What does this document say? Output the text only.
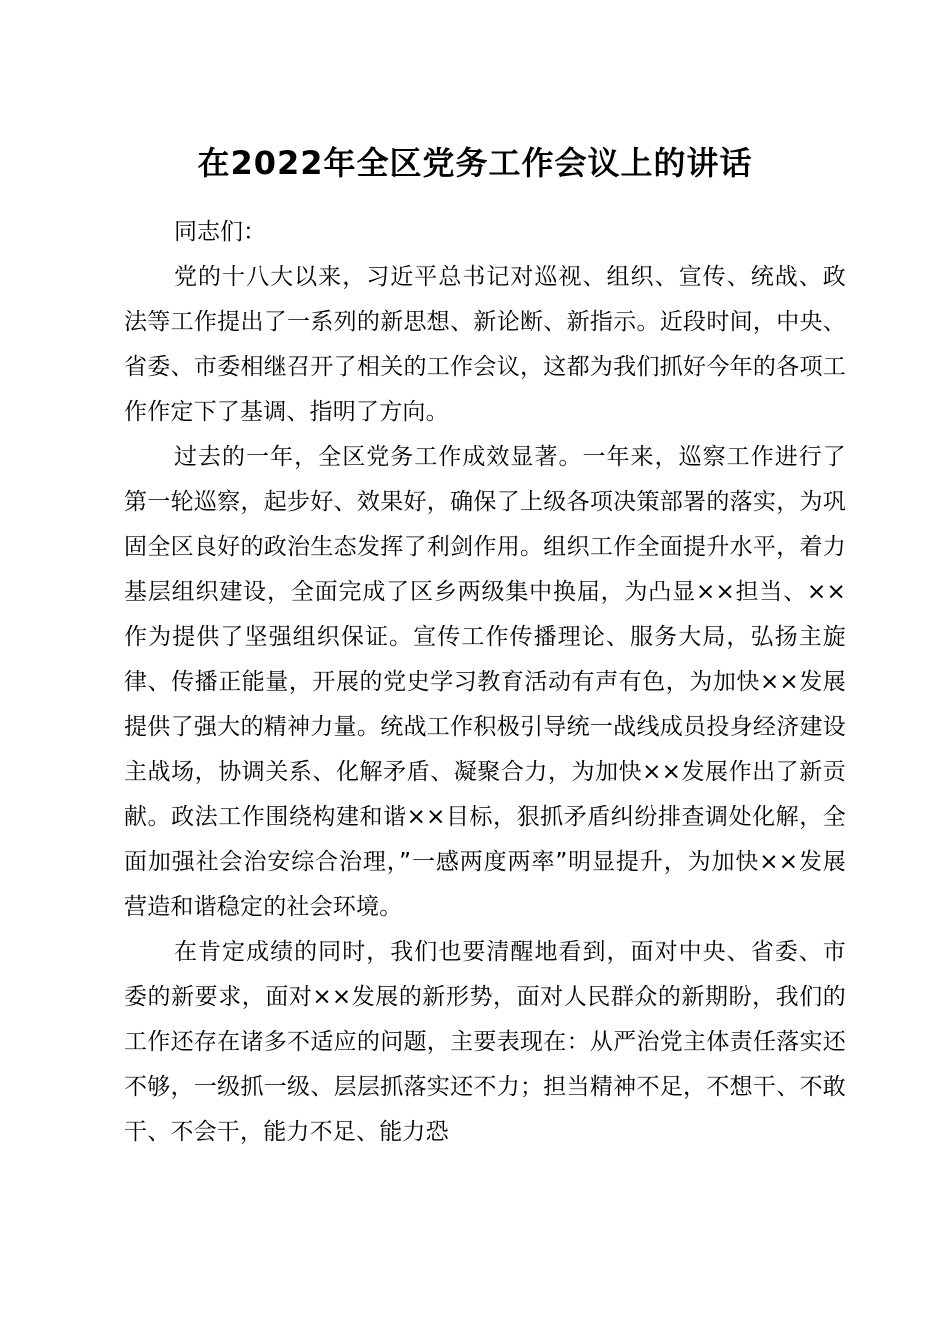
在2022年全区党务工作会议上的讲话

同志们：

党的十八大以来，习近平总书记对巡视、组织、宣传、统战、政法等工作提出了一系列的新思想、新论断、新指示。近段时间，中央、省委、市委相继召开了相关的工作会议，这都为我们抓好今年的各项工作作定下了基调、指明了方向。

过去的一年，全区党务工作成效显著。一年来，巡察工作进行了第一轮巡察，起步好、效果好，确保了上级各项决策部署的落实，为巩固全区良好的政治生态发挥了利剑作用。组织工作全面提升水平，着力基层组织建设，全面完成了区乡两级集中换届，为凸显××担当、××作为提供了坚强组织保证。宣传工作传播理论、服务大局，弘扬主旋律、传播正能量，开展的党史学习教育活动有声有色，为加快××发展提供了强大的精神力量。统战工作积极引导统一战线成员投身经济建设主战场，协调关系、化解矛盾、凝聚合力，为加快××发展作出了新贡献。政法工作围绕构建和谐××目标，狠抓矛盾纠纷排查调处化解，全面加强社会治安综合治理，”一感两度两率”明显提升，为加快××发展营造和谐稳定的社会环境。

在肯定成绩的同时，我们也要清醒地看到，面对中央、省委、市委的新要求，面对××发展的新形势，面对人民群众的新期盼，我们的工作还存在诸多不适应的问题，主要表现在：从严治党主体责任落实还不够，一级抓一级、层层抓落实还不力；担当精神不足，不想干、不敢干、不会干，能力不足、能力恐
